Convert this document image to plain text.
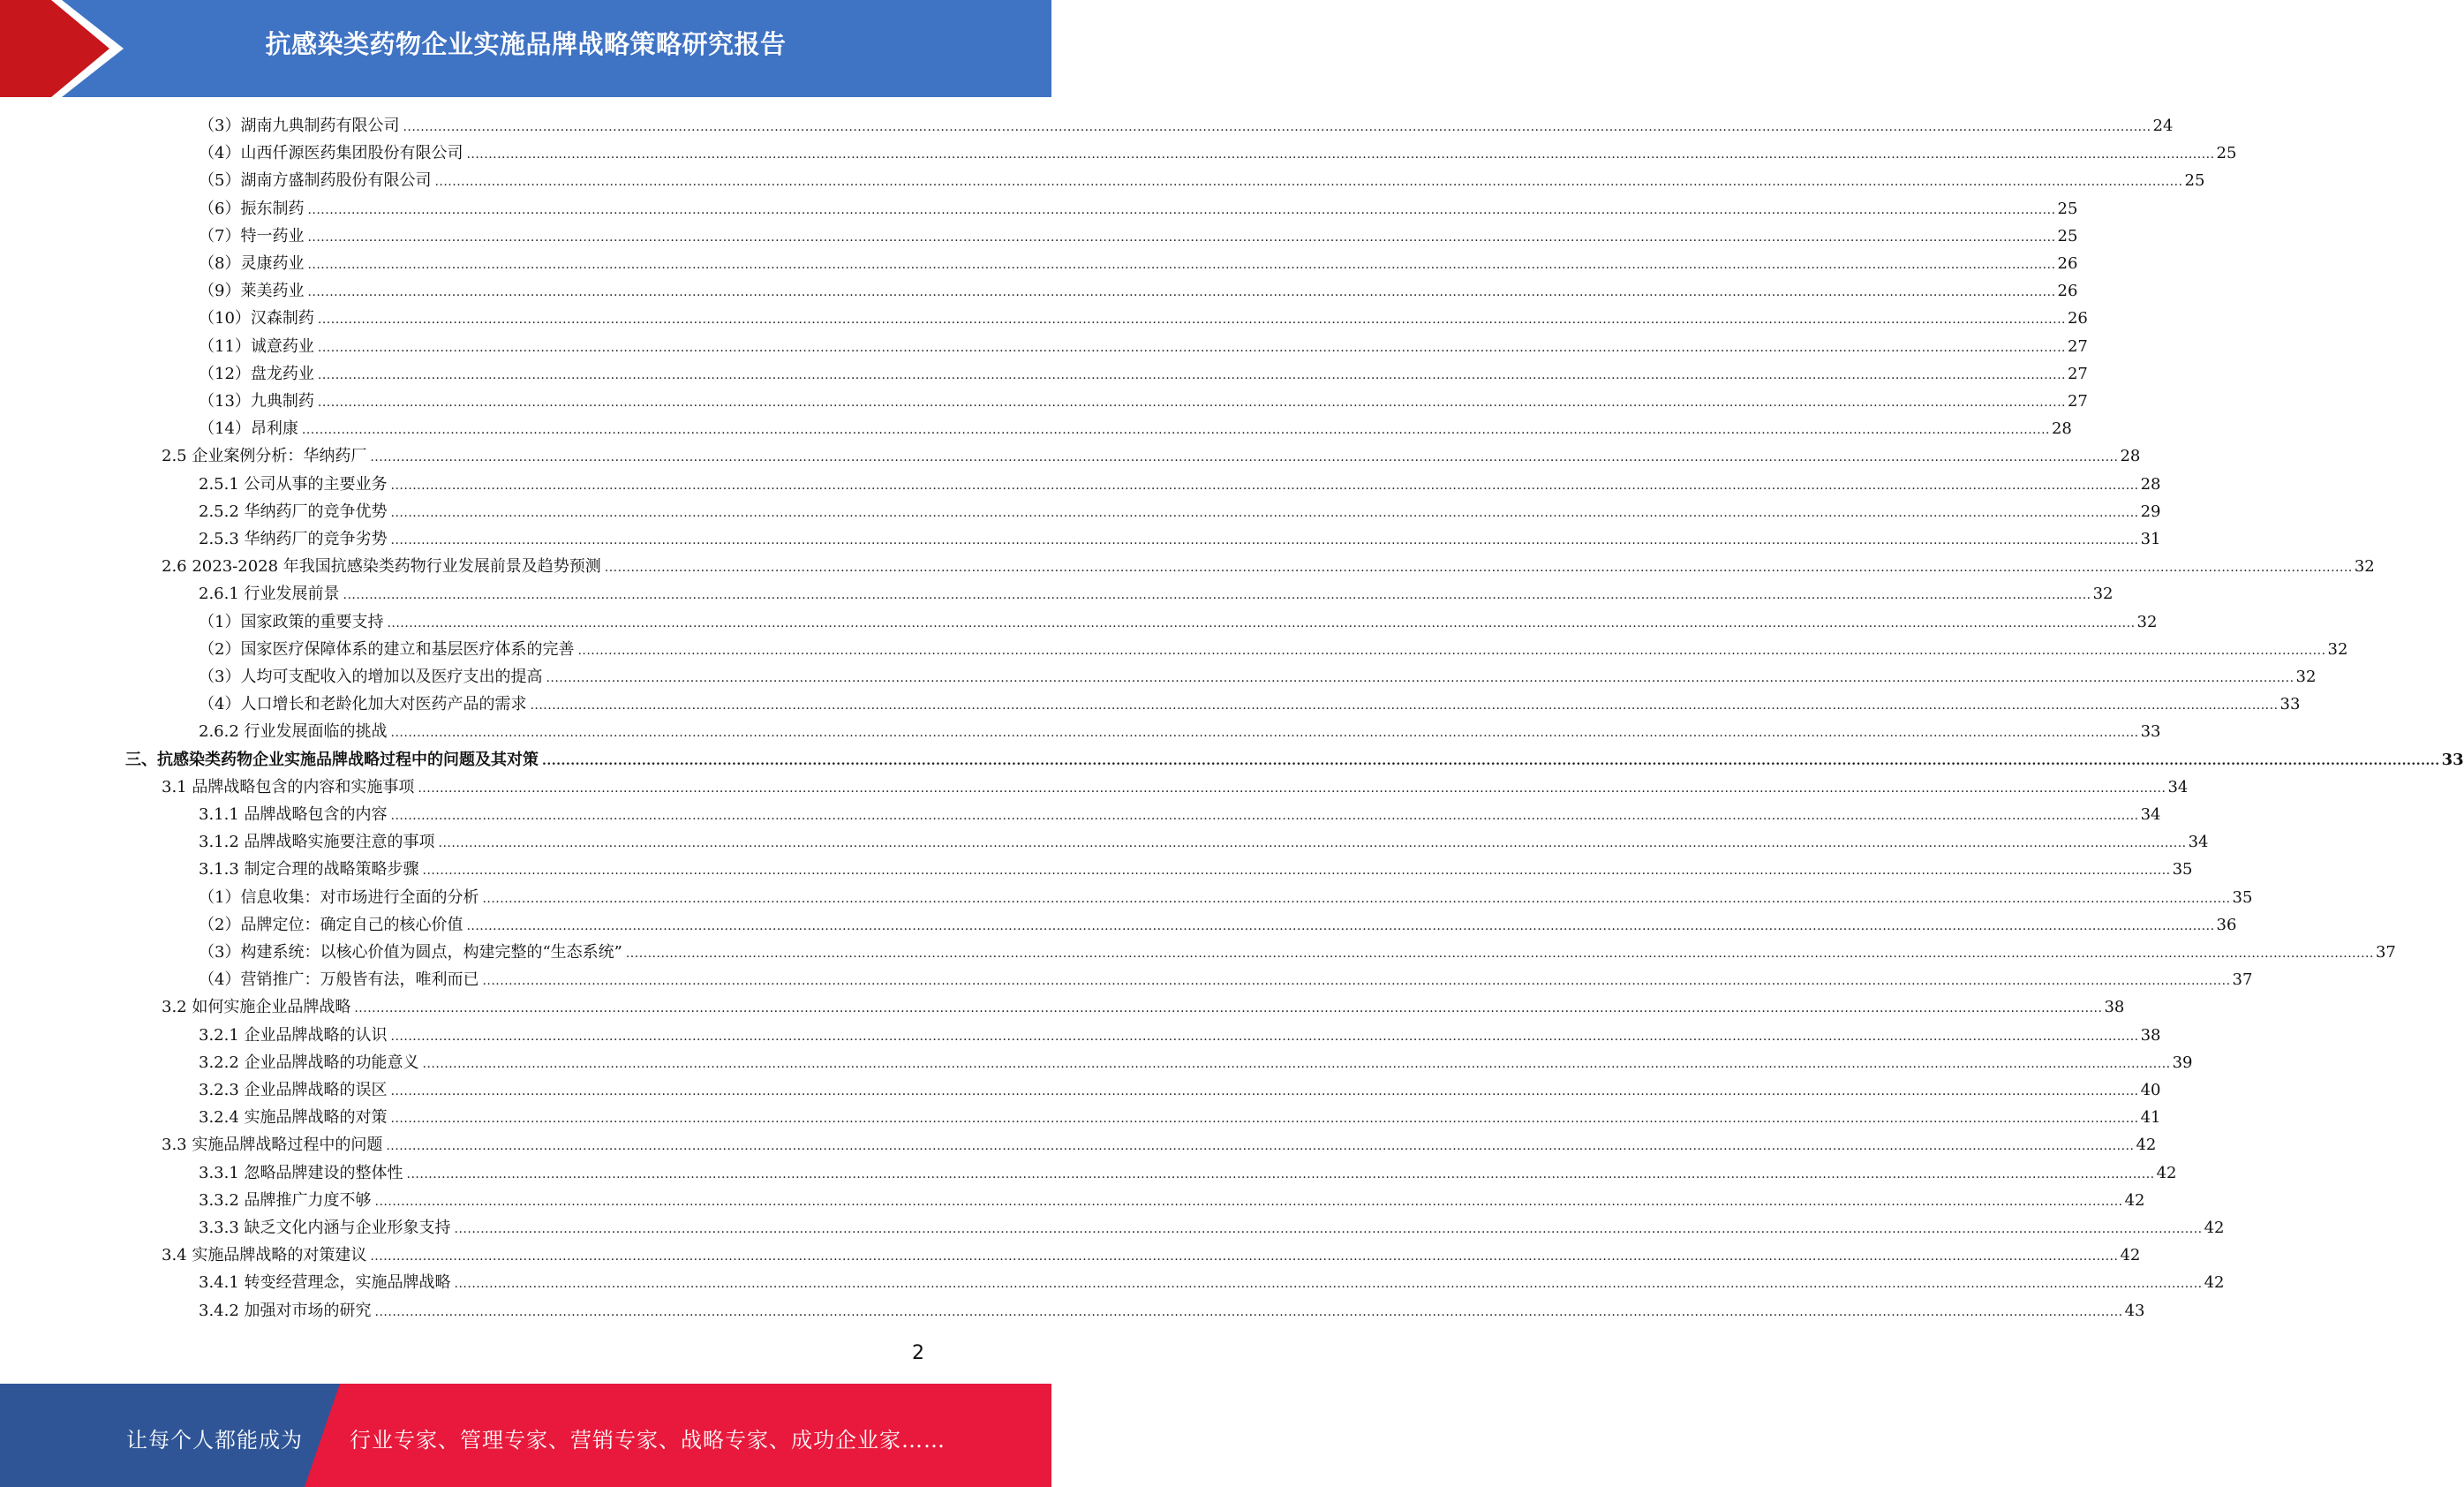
抗感染类药物企业实施品牌战略策略研究报告
（3）湖南九典制药有限公司 ................................................................................................................................................................................................................................................................................................................................................................................................................ 24
（4）山西仟源医药集团股份有限公司 ................................................................................................................................................................................................................................................................................................................................................................................................................ 25
（5）湖南方盛制药股份有限公司 ................................................................................................................................................................................................................................................................................................................................................................................................................ 25
（6）振东制药 ................................................................................................................................................................................................................................................................................................................................................................................................................ 25
（7）特一药业 ................................................................................................................................................................................................................................................................................................................................................................................................................ 25
（8）灵康药业 ................................................................................................................................................................................................................................................................................................................................................................................................................ 26
（9）莱美药业 ................................................................................................................................................................................................................................................................................................................................................................................................................ 26
（10）汉森制药 ................................................................................................................................................................................................................................................................................................................................................................................................................ 26
（11）诚意药业 ................................................................................................................................................................................................................................................................................................................................................................................................................ 27
（12）盘龙药业 ................................................................................................................................................................................................................................................................................................................................................................................................................ 27
（13）九典制药 ................................................................................................................................................................................................................................................................................................................................................................................................................ 27
（14）昂利康 ................................................................................................................................................................................................................................................................................................................................................................................................................ 28
2.5 企业案例分析：华纳药厂 ................................................................................................................................................................................................................................................................................................................................................................................................................ 28
2.5.1 公司从事的主要业务 ................................................................................................................................................................................................................................................................................................................................................................................................................ 28
2.5.2 华纳药厂的竞争优势 ................................................................................................................................................................................................................................................................................................................................................................................................................ 29
2.5.3 华纳药厂的竞争劣势 ................................................................................................................................................................................................................................................................................................................................................................................................................ 31
2.6 2023-2028 年我国抗感染类药物行业发展前景及趋势预测 ................................................................................................................................................................................................................................................................................................................................................................................................................ 32
2.6.1 行业发展前景 ................................................................................................................................................................................................................................................................................................................................................................................................................ 32
（1）国家政策的重要支持 ................................................................................................................................................................................................................................................................................................................................................................................................................ 32
（2）国家医疗保障体系的建立和基层医疗体系的完善 ................................................................................................................................................................................................................................................................................................................................................................................................................ 32
（3）人均可支配收入的增加以及医疗支出的提高 ................................................................................................................................................................................................................................................................................................................................................................................................................ 32
（4）人口增长和老龄化加大对医药产品的需求 ................................................................................................................................................................................................................................................................................................................................................................................................................ 33
2.6.2 行业发展面临的挑战 ................................................................................................................................................................................................................................................................................................................................................................................................................ 33
三、抗感染类药物企业实施品牌战略过程中的问题及其对策 ................................................................................................................................................................................................................................................................................................................................................................................................................ 33
3.1 品牌战略包含的内容和实施事项 ................................................................................................................................................................................................................................................................................................................................................................................................................ 34
3.1.1 品牌战略包含的内容 ................................................................................................................................................................................................................................................................................................................................................................................................................ 34
3.1.2 品牌战略实施要注意的事项 ................................................................................................................................................................................................................................................................................................................................................................................................................ 34
3.1.3 制定合理的战略策略步骤 ................................................................................................................................................................................................................................................................................................................................................................................................................ 35
（1）信息收集：对市场进行全面的分析 ................................................................................................................................................................................................................................................................................................................................................................................................................ 35
（2）品牌定位：确定自己的核心价值 ................................................................................................................................................................................................................................................................................................................................................................................................................ 36
（3）构建系统：以核心价值为圆点，构建完整的“生态系统” ................................................................................................................................................................................................................................................................................................................................................................................................................ 37
（4）营销推广：万般皆有法，唯利而已 ................................................................................................................................................................................................................................................................................................................................................................................................................ 37
3.2 如何实施企业品牌战略 ................................................................................................................................................................................................................................................................................................................................................................................................................ 38
3.2.1 企业品牌战略的认识 ................................................................................................................................................................................................................................................................................................................................................................................................................ 38
3.2.2 企业品牌战略的功能意义 ................................................................................................................................................................................................................................................................................................................................................................................................................ 39
3.2.3 企业品牌战略的误区 ................................................................................................................................................................................................................................................................................................................................................................................................................ 40
3.2.4 实施品牌战略的对策 ................................................................................................................................................................................................................................................................................................................................................................................................................ 41
3.3 实施品牌战略过程中的问题 ................................................................................................................................................................................................................................................................................................................................................................................................................ 42
3.3.1 忽略品牌建设的整体性 ................................................................................................................................................................................................................................................................................................................................................................................................................ 42
3.3.2 品牌推广力度不够 ................................................................................................................................................................................................................................................................................................................................................................................................................ 42
3.3.3 缺乏文化内涵与企业形象支持 ................................................................................................................................................................................................................................................................................................................................................................................................................ 42
3.4 实施品牌战略的对策建议 ................................................................................................................................................................................................................................................................................................................................................................................................................ 42
3.4.1 转变经营理念，实施品牌战略 ................................................................................................................................................................................................................................................................................................................................................................................................................ 42
3.4.2 加强对市场的研究 ................................................................................................................................................................................................................................................................................................................................................................................................................ 43
2
让每个人都能成为 行业专家、管理专家、营销专家、战略专家、成功企业家……
